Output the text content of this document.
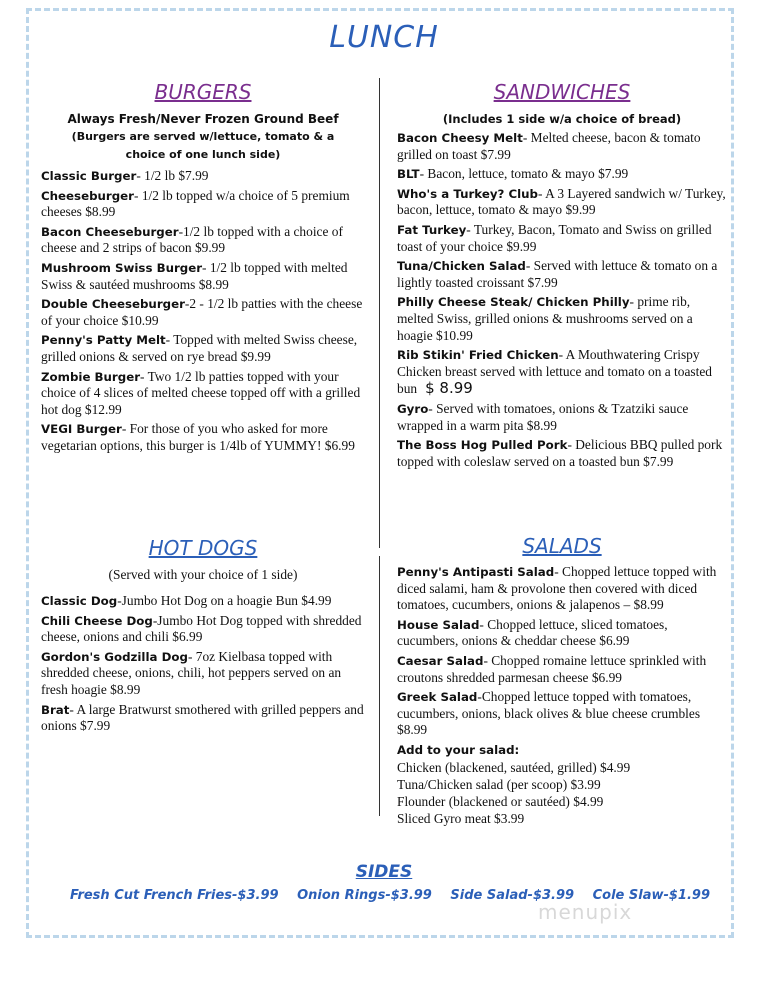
LUNCH
BURGERS
Always Fresh/Never Frozen Ground Beef
(Burgers are served w/lettuce, tomato & a choice of one lunch side)
Classic Burger- 1/2 lb $7.99
Cheeseburger- 1/2 lb topped w/a choice of 5 premium cheeses $8.99
Bacon Cheeseburger-1/2 lb topped with a choice of cheese and 2 strips of bacon $9.99
Mushroom Swiss Burger- 1/2 lb topped with melted Swiss & sautéed mushrooms $8.99
Double Cheeseburger-2 - 1/2 lb patties with the cheese of your choice $10.99
Penny's Patty Melt- Topped with melted Swiss cheese, grilled onions & served on rye bread $9.99
Zombie Burger- Two 1/2 lb patties topped with your choice of 4 slices of melted cheese topped off with a grilled hot dog $12.99
VEGI Burger- For those of you who asked for more vegetarian options, this burger is 1/4lb of YUMMY! $6.99
HOT DOGS
(Served with your choice of 1 side)
Classic Dog-Jumbo Hot Dog on a hoagie Bun $4.99
Chili Cheese Dog-Jumbo Hot Dog topped with shredded cheese, onions and chili $6.99
Gordon's Godzilla Dog- 7oz Kielbasa topped with shredded cheese, onions, chili, hot peppers served on an fresh hoagie $8.99
Brat- A large Bratwurst smothered with grilled peppers and onions $7.99
SANDWICHES
(Includes 1 side w/a choice of bread)
Bacon Cheesy Melt- Melted cheese, bacon & tomato grilled on toast $7.99
BLT- Bacon, lettuce, tomato & mayo $7.99
Who's a Turkey? Club- A 3 Layered sandwich w/ Turkey, bacon, lettuce, tomato & mayo $9.99
Fat Turkey- Turkey, Bacon, Tomato and Swiss on grilled toast of your choice $9.99
Tuna/Chicken Salad- Served with lettuce & tomato on a lightly toasted croissant $7.99
Philly Cheese Steak/ Chicken Philly- prime rib, melted Swiss, grilled onions & mushrooms served on a hoagie $10.99
Rib Stikin' Fried Chicken- A Mouthwatering Crispy Chicken breast served with lettuce and tomato on a toasted bun $ 8.99
Gyro- Served with tomatoes, onions & Tzatziki sauce wrapped in a warm pita $8.99
The Boss Hog Pulled Pork- Delicious BBQ pulled pork topped with coleslaw served on a toasted bun $7.99
SALADS
Penny's Antipasti Salad- Chopped lettuce topped with diced salami, ham & provolone then covered with diced tomatoes, cucumbers, onions & jalapenos – $8.99
House Salad- Chopped lettuce, sliced tomatoes, cucumbers, onions & cheddar cheese $6.99
Caesar Salad- Chopped romaine lettuce sprinkled with croutons shredded parmesan cheese $6.99
Greek Salad-Chopped lettuce topped with tomatoes, cucumbers, onions, black olives & blue cheese crumbles $8.99
Add to your salad:
Chicken (blackened, sautéed, grilled) $4.99
Tuna/Chicken salad (per scoop) $3.99
Flounder (blackened or sautéed) $4.99
Sliced Gyro meat $3.99
SIDES
Fresh Cut French Fries-$3.99 Onion Rings-$3.99 Side Salad-$3.99 Cole Slaw-$1.99
menupix
